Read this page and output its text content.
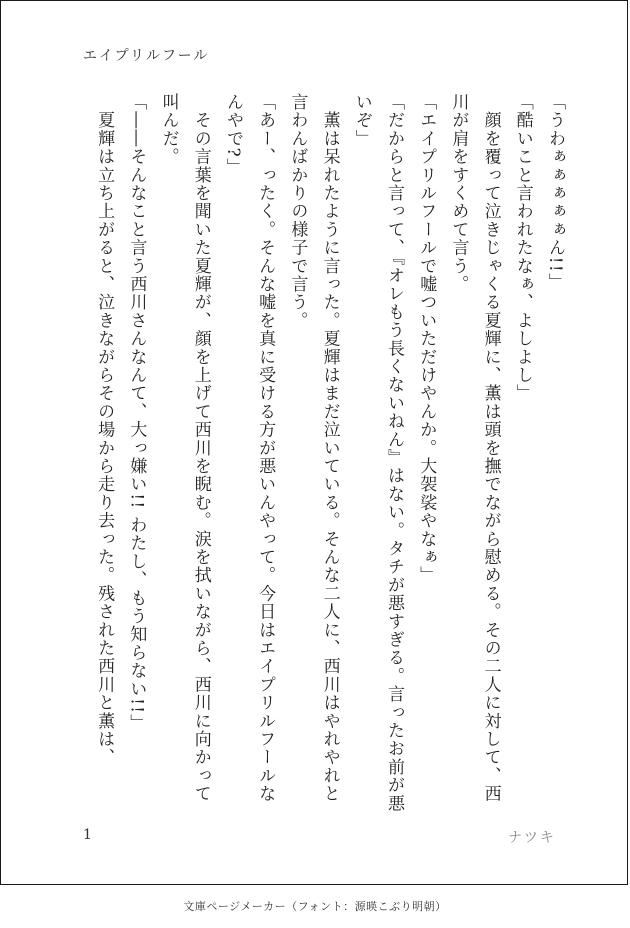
エイプリルフール

「うわぁぁぁぁぁん!!」

「酷いこと言われたなぁ、よしよし」

　顔を覆って泣きじゃくる夏輝に、薫は頭を撫でながら慰める。その二人に対して、西川が肩をすくめて言う。

「エイプリルフールで嘘ついただけやんか。大袈裟やなぁ」

「だからと言って、『オレもう長くないねん』はない。タチが悪すぎる。言ったお前が悪いぞ」

　薫は呆れたように言った。夏輝はまだ泣いている。そんな二人に、西川はやれやれと言わんばかりの様子で言う。

「あー、ったく。そんな嘘を真に受ける方が悪いんやって。今日はエイプリルフールなんやで?」

　その言葉を聞いた夏輝が、顔を上げて西川を睨む。涙を拭いながら、西川に向かって叫んだ。

「――そんなこと言う西川さんなんて、大っ嫌い!! わたし、もう知らない!!」

　夏輝は立ち上がると、泣きながらその場から走り去った。残された西川と薫は、

1	ナツキ
文庫ページメーカー（フォント：源暎こぶり明朝）
